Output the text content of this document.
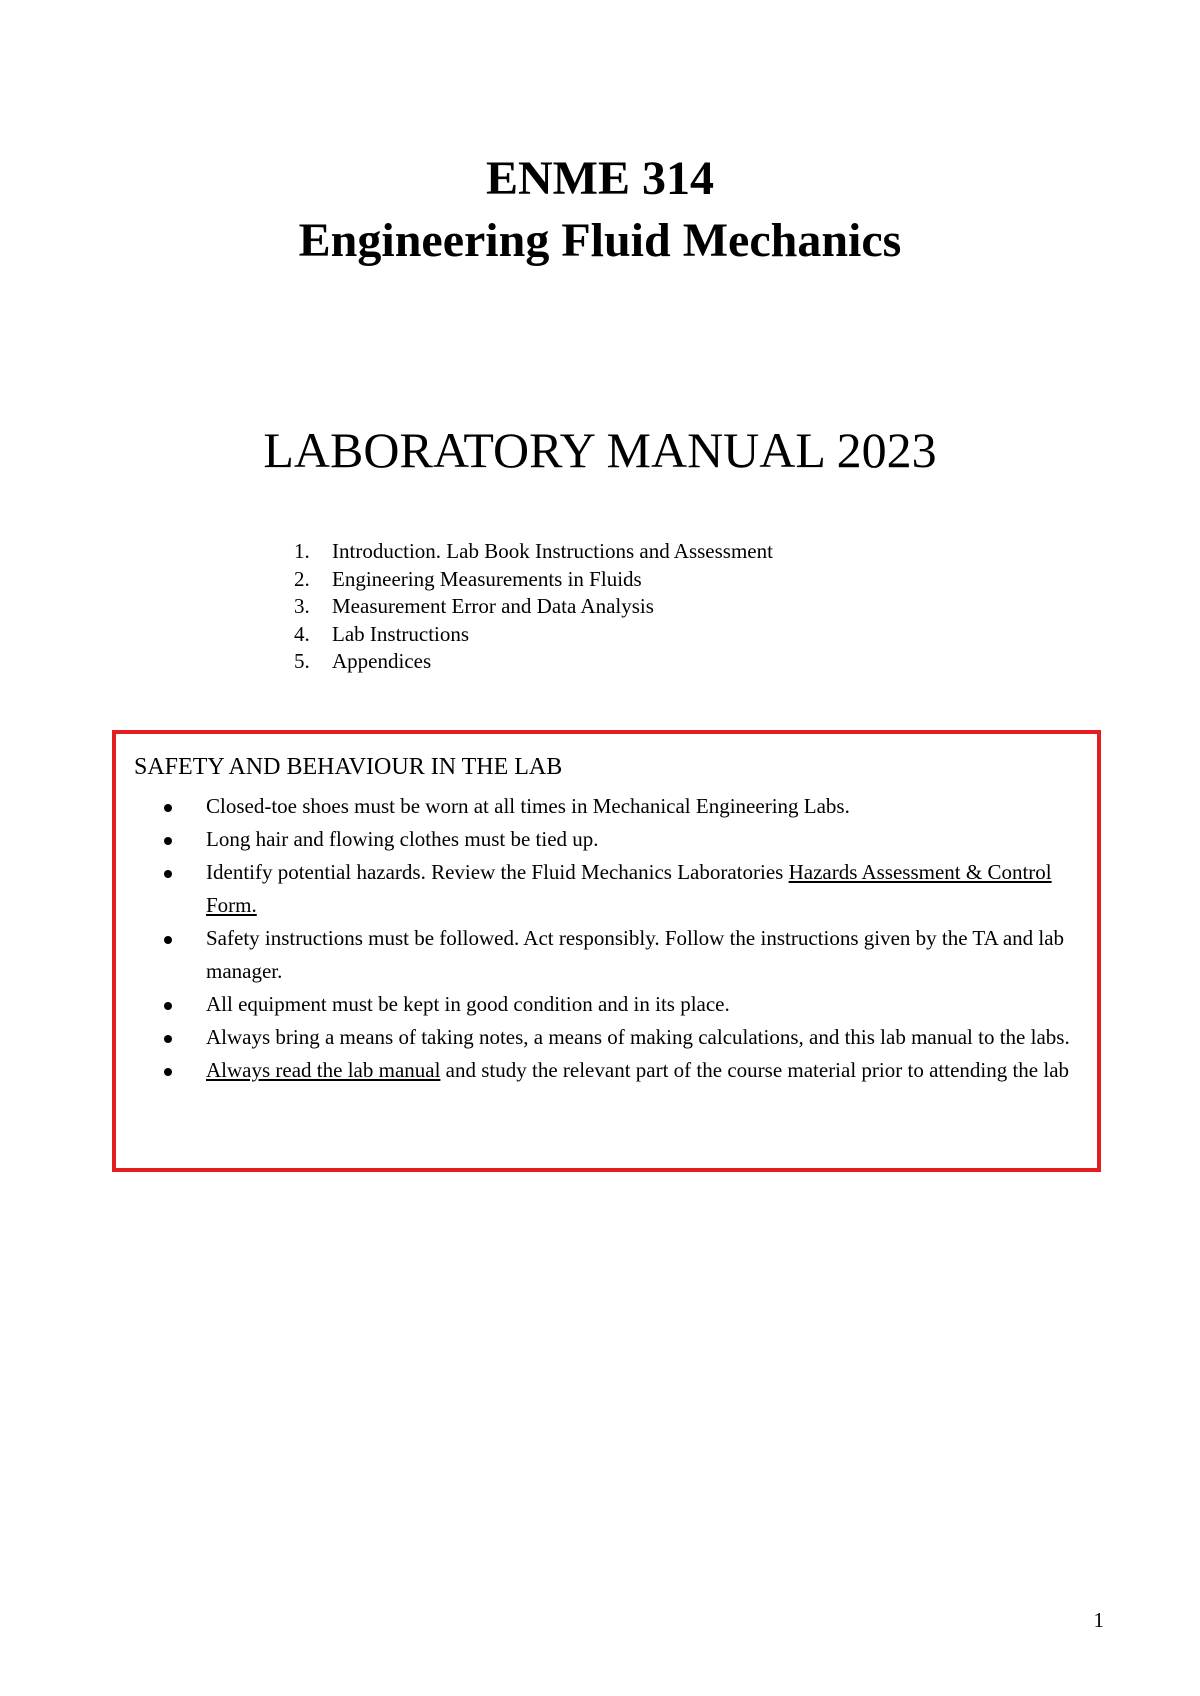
ENME 314
Engineering Fluid Mechanics
LABORATORY MANUAL 2023
1. Introduction. Lab Book Instructions and Assessment
2. Engineering Measurements in Fluids
3. Measurement Error and Data Analysis
4. Lab Instructions
5. Appendices
SAFETY AND BEHAVIOUR IN THE LAB
Closed-toe shoes must be worn at all times in Mechanical Engineering Labs.
Long hair and flowing clothes must be tied up.
Identify potential hazards. Review the Fluid Mechanics Laboratories Hazards Assessment & Control Form.
Safety instructions must be followed. Act responsibly. Follow the instructions given by the TA and lab manager.
All equipment must be kept in good condition and in its place.
Always bring a means of taking notes, a means of making calculations, and this lab manual to the labs.
Always read the lab manual and study the relevant part of the course material prior to attending the lab
1
